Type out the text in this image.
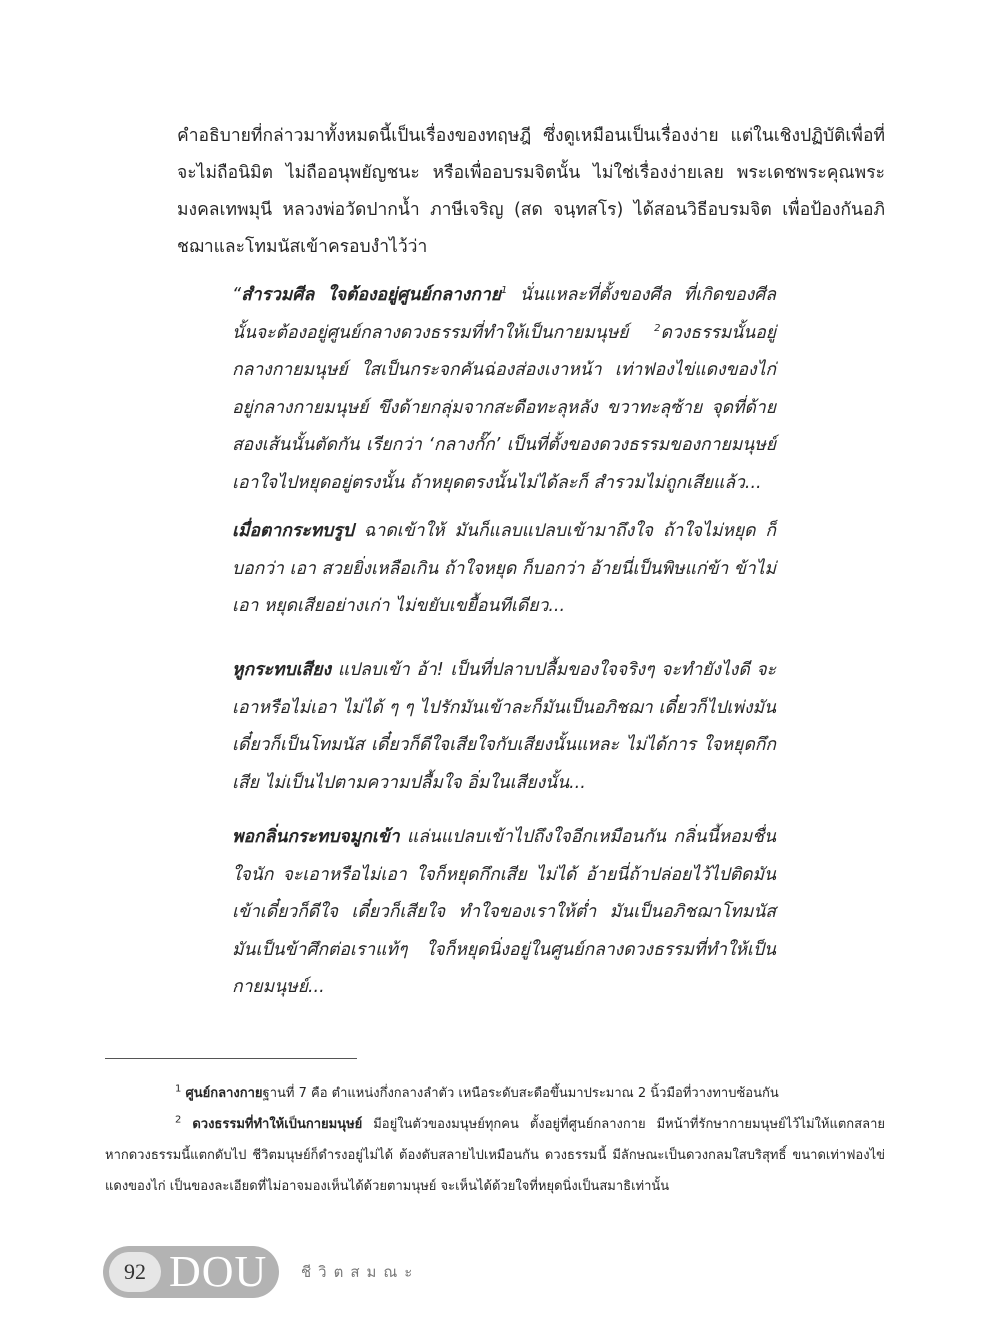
คำอธิบายที่กล่าวมาทั้งหมดนี้เป็นเรื่องของทฤษฎี ซึ่งดูเหมือนเป็นเรื่องง่าย แต่ในเชิงปฏิบัติเพื่อที่จะไม่ถือนิมิต ไม่ถืออนุพยัญชนะ หรือเพื่ออบรมจิตนั้น ไม่ใช่เรื่องง่ายเลย พระเดชพระคุณพระมงคลเทพมุนี หลวงพ่อวัดปากน้ำ ภาษีเจริญ (สด จนฺทสโร) ได้สอนวิธีอบรมจิต เพื่อป้องกันอภิชฌาและโทมนัสเข้าครอบงำไว้ว่า
“สำรวมศีล ใจต้องอยู่ศูนย์กลางกาย$^1$ นั่นแหละที่ตั้งของศีล ที่เกิดของศีลนั้นจะต้องอยู่ศูนย์กลางดวงธรรมที่ทำให้เป็นกายมนุษย์ $^2$ดวงธรรมนั้นอยู่กลางกายมนุษย์ ใสเป็นกระจกคันฉ่องส่องเงาหน้า เท่าฟองไข่แดงของไก่ อยู่กลางกายมนุษย์ ขึงด้ายกลุ่มจากสะดือทะลุหลัง ขวาทะลุซ้าย จุดที่ด้ายสองเส้นนั้นตัดกัน เรียกว่า ‘กลางกั๊ก’ เป็นที่ตั้งของดวงธรรมของกายมนุษย์ เอาใจไปหยุดอยู่ตรงนั้น ถ้าหยุดตรงนั้นไม่ได้ละก็ สำรวมไม่ถูกเสียแล้ว...
เมื่อตากระทบรูป ฉาดเข้าให้ มันก็แลบแปลบเข้ามาถึงใจ ถ้าใจไม่หยุด ก็บอกว่า เอา สวยยิ่งเหลือเกิน ถ้าใจหยุด ก็บอกว่า อ้ายนี่เป็นพิษแก่ข้า ข้าไม่เอา หยุดเสียอย่างเก่า ไม่ขยับเขยื้อนทีเดียว...
หูกระทบเสียง แปลบเข้า อ้า! เป็นที่ปลาบปลื้มของใจจริงๆ จะทำยังไงดี จะเอาหรือไม่เอา ไม่ได้ ๆ ๆ ไปรักมันเข้าละก็มันเป็นอภิชฌา เดี๋ยวก็ไปเพ่งมัน เดี๋ยวก็เป็นโทมนัส เดี๋ยวก็ดีใจเสียใจกับเสียงนั้นแหละ ไม่ได้การ ใจหยุดกึกเสีย ไม่เป็นไปตามความปลื้มใจ อิ่มในเสียงนั้น...
พอกลิ่นกระทบจมูกเข้า แล่นแปลบเข้าไปถึงใจอีกเหมือนกัน กลิ่นนี้หอมชื่นใจนัก จะเอาหรือไม่เอา ใจก็หยุดกึกเสีย ไม่ได้ อ้ายนี่ถ้าปล่อยไว้ไปติดมันเข้าเดี๋ยวก็ดีใจ เดี๋ยวก็เสียใจ ทำใจของเราให้ต่ำ มันเป็นอภิชฌาโทมนัส มันเป็นข้าศึกต่อเราแท้ๆ ใจก็หยุดนิ่งอยู่ในศูนย์กลางดวงธรรมที่ทำให้เป็นกายมนุษย์...
$^1$ ศูนย์กลางกายฐานที่ 7 คือ ตำแหน่งกึ่งกลางลำตัว เหนือระดับสะดือขึ้นมาประมาณ 2 นิ้วมือที่วางทาบซ้อนกัน
$^2$ ดวงธรรมที่ทำให้เป็นกายมนุษย์ มีอยู่ในตัวของมนุษย์ทุกคน ตั้งอยู่ที่ศูนย์กลางกาย มีหน้าที่รักษากายมนุษย์ไว้ไม่ให้แตกสลาย หากดวงธรรมนี้แตกดับไป ชีวิตมนุษย์ก็ดำรงอยู่ไม่ได้ ต้องดับสลายไปเหมือนกัน ดวงธรรมนี้ มีลักษณะเป็นดวงกลมใสบริสุทธิ์ ขนาดเท่าฟองไข่แดงของไก่ เป็นของละเอียดที่ไม่อาจมองเห็นได้ด้วยตามนุษย์ จะเห็นได้ด้วยใจที่หยุดนิ่งเป็นสมาธิเท่านั้น
92 DOU ชีวิตสมณะ
